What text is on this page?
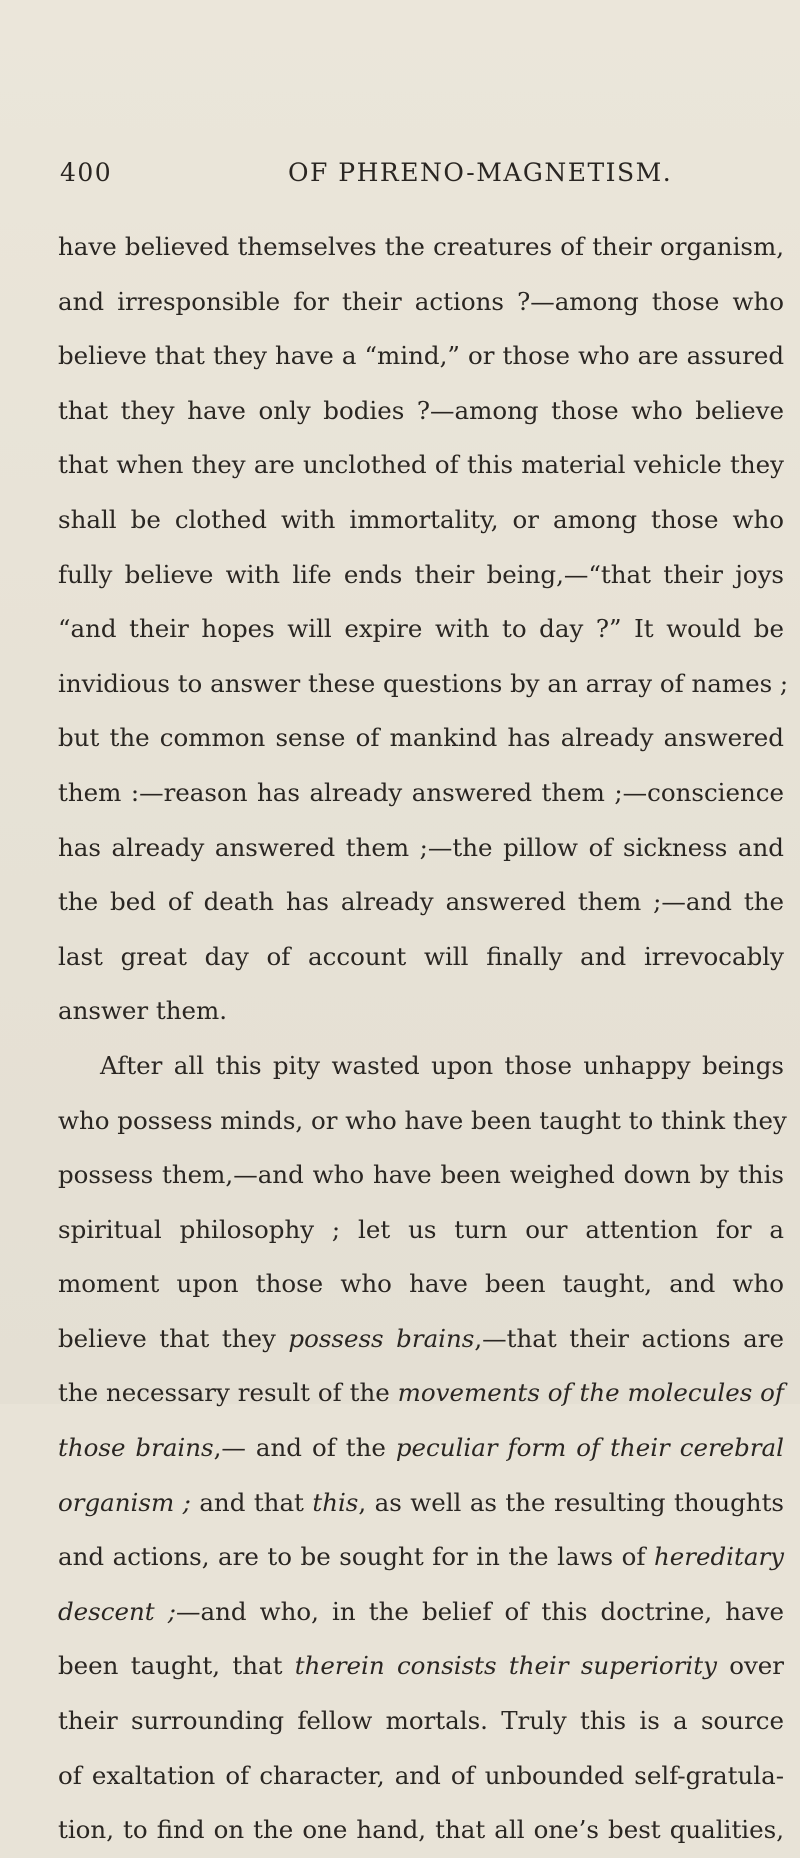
400	OF PHRENO-MAGNETISM.
have believed themselves the creatures of their organism,
and irresponsible for their actions ?—among those who
believe that they have a “mind,” or those who are assured
that they have only bodies ?—among those who believe
that when they are unclothed of this material vehicle they
shall be clothed with immortality, or among those who
fully believe with life ends their being,—“that their joys
“and their hopes will expire with to day ?” It would be
invidious to answer these questions by an array of names ;
but the common sense of mankind has already answered
them :—reason has already answered them ;—conscience
has already answered them ;—the pillow of sickness and
the bed of death has already answered them ;—and the
last great day of account will finally and irrevocably
answer them.
After all this pity wasted upon those unhappy beings
who possess minds, or who have been taught to think they
possess them,—and who have been weighed down by this
spiritual philosophy ; let us turn our attention for a
moment upon those who have been taught, and who
believe that they possess brains,—that their actions are
the necessary result of the movements of the molecules of
those brains,— and of the peculiar form of their cerebral
organism ; and that this, as well as the resulting thoughts
and actions, are to be sought for in the laws of hereditary
descent ;—and who, in the belief of this doctrine, have
been taught, that therein consists their superiority over
their surrounding fellow mortals. Truly this is a source
of exaltation of character, and of unbounded self-gratula-
tion, to find on the one hand, that all one’s best qualities,
